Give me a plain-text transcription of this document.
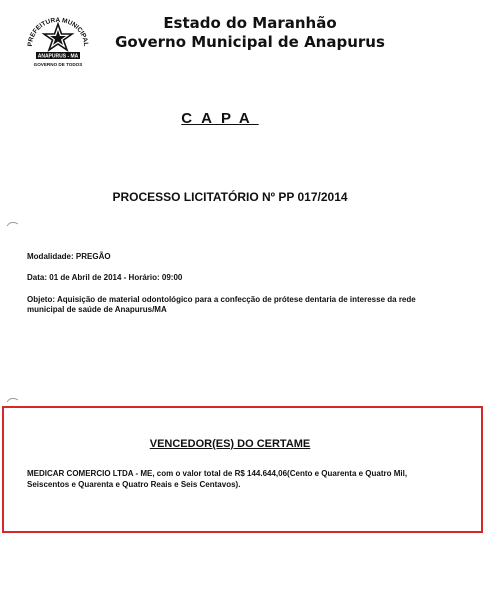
PREFEITURA MUNICIPAL
ANAPURUS - MA
GOVERNO DE TODOS
Estado do Maranhão
Governo Municipal de Anapurus
CAPA
PROCESSO LICITATÓRIO Nº PP 017/2014
Modalidade: PREGÃO
Data: 01 de Abril de 2014 - Horário: 09:00
Objeto: Aquisição de material odontológico para a confecção de prótese dentaria de interesse da rede municipal de saúde de Anapurus/MA
VENCEDOR(ES) DO CERTAME
MEDICAR COMERCIO LTDA - ME, com o valor total de R$ 144.644,06(Cento e Quarenta e Quatro Mil, Seiscentos e Quarenta e Quatro Reais e Seis Centavos).
